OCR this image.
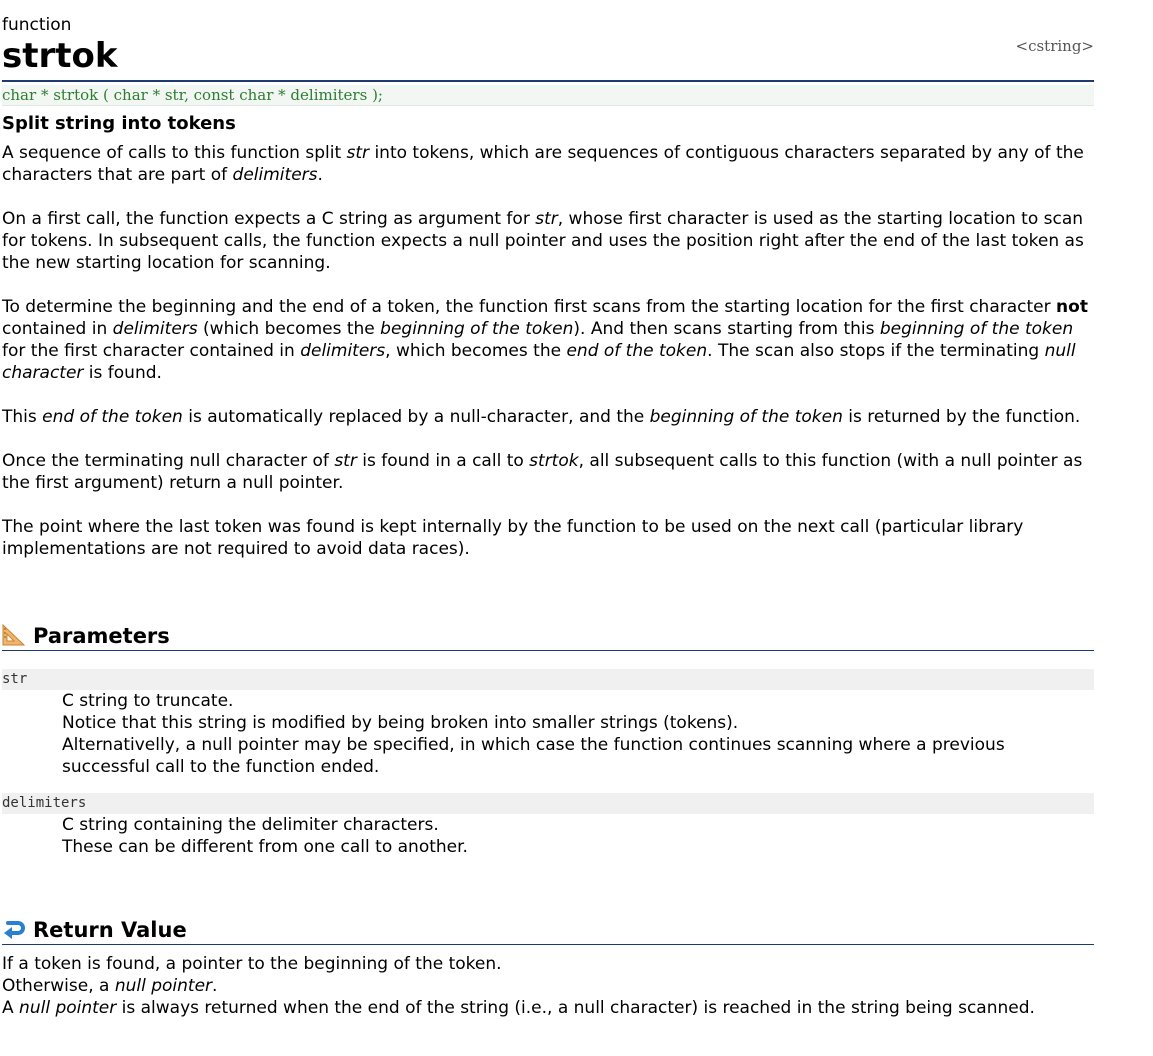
function
strtok	<cstring>
char * strtok ( char * str, const char * delimiters );
Split string into tokens

A sequence of calls to this function split str into tokens, which are sequences of contiguous characters separated by any of the characters that are part of delimiters.

On a first call, the function expects a C string as argument for str, whose first character is used as the starting location to scan for tokens. In subsequent calls, the function expects a null pointer and uses the position right after the end of the last token as the new starting location for scanning.

To determine the beginning and the end of a token, the function first scans from the starting location for the first character not contained in delimiters (which becomes the beginning of the token). And then scans starting from this beginning of the token for the first character contained in delimiters, which becomes the end of the token. The scan also stops if the terminating null character is found.

This end of the token is automatically replaced by a null-character, and the beginning of the token is returned by the function.

Once the terminating null character of str is found in a call to strtok, all subsequent calls to this function (with a null pointer as the first argument) return a null pointer.

The point where the last token was found is kept internally by the function to be used on the next call (particular library implementations are not required to avoid data races).

Parameters
str
C string to truncate.
Notice that this string is modified by being broken into smaller strings (tokens).
Alternativelly, a null pointer may be specified, in which case the function continues scanning where a previous successful call to the function ended.
delimiters
C string containing the delimiter characters.
These can be different from one call to another.
Return Value
If a token is found, a pointer to the beginning of the token.
Otherwise, a null pointer.
A null pointer is always returned when the end of the string (i.e., a null character) is reached in the string being scanned.
